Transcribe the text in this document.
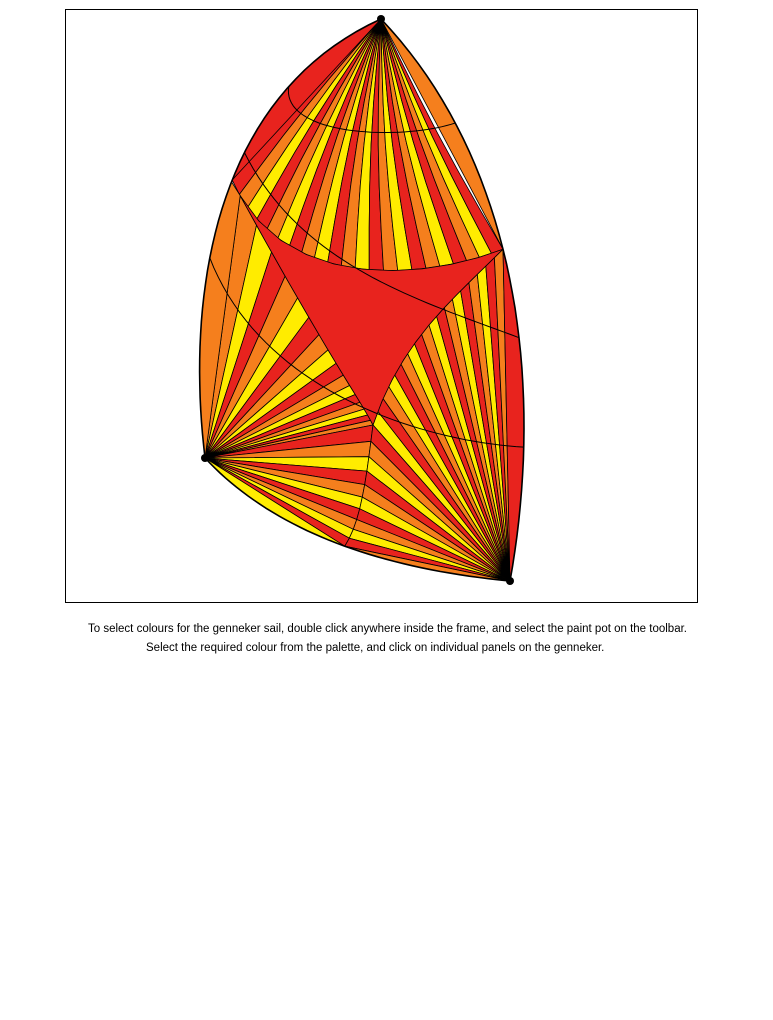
To select colours for the genneker sail, double click anywhere inside the frame, and select the paint pot on the toolbar.
Select the required colour from the palette, and click on individual panels on the genneker.
